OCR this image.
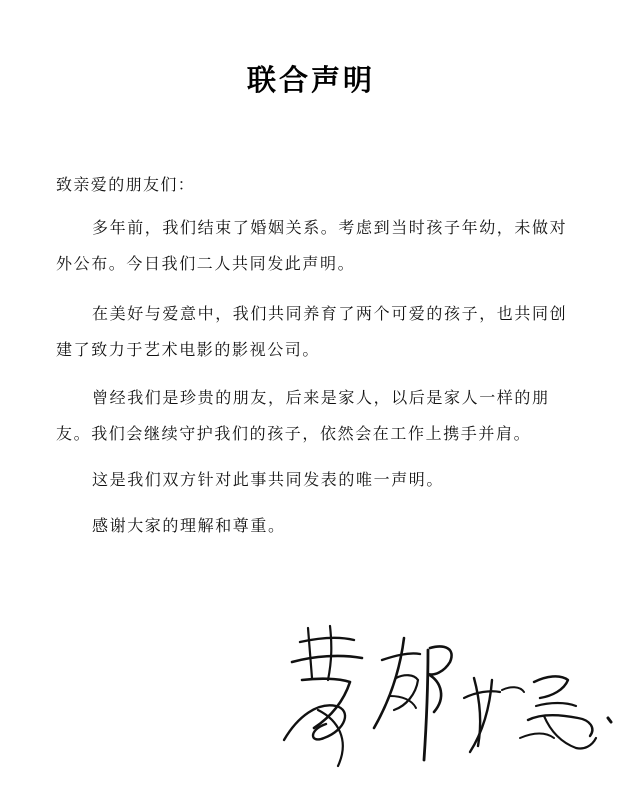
联合声明
致亲爱的朋友们：
多年前，我们结束了婚姻关系。考虑到当时孩子年幼，未做对外公布。今日我们二人共同发此声明。
在美好与爱意中，我们共同养育了两个可爱的孩子，也共同创建了致力于艺术电影的影视公司。
曾经我们是珍贵的朋友，后来是家人，以后是家人一样的朋友。我们会继续守护我们的孩子，依然会在工作上携手并肩。
这是我们双方针对此事共同发表的唯一声明。
感谢大家的理解和尊重。
